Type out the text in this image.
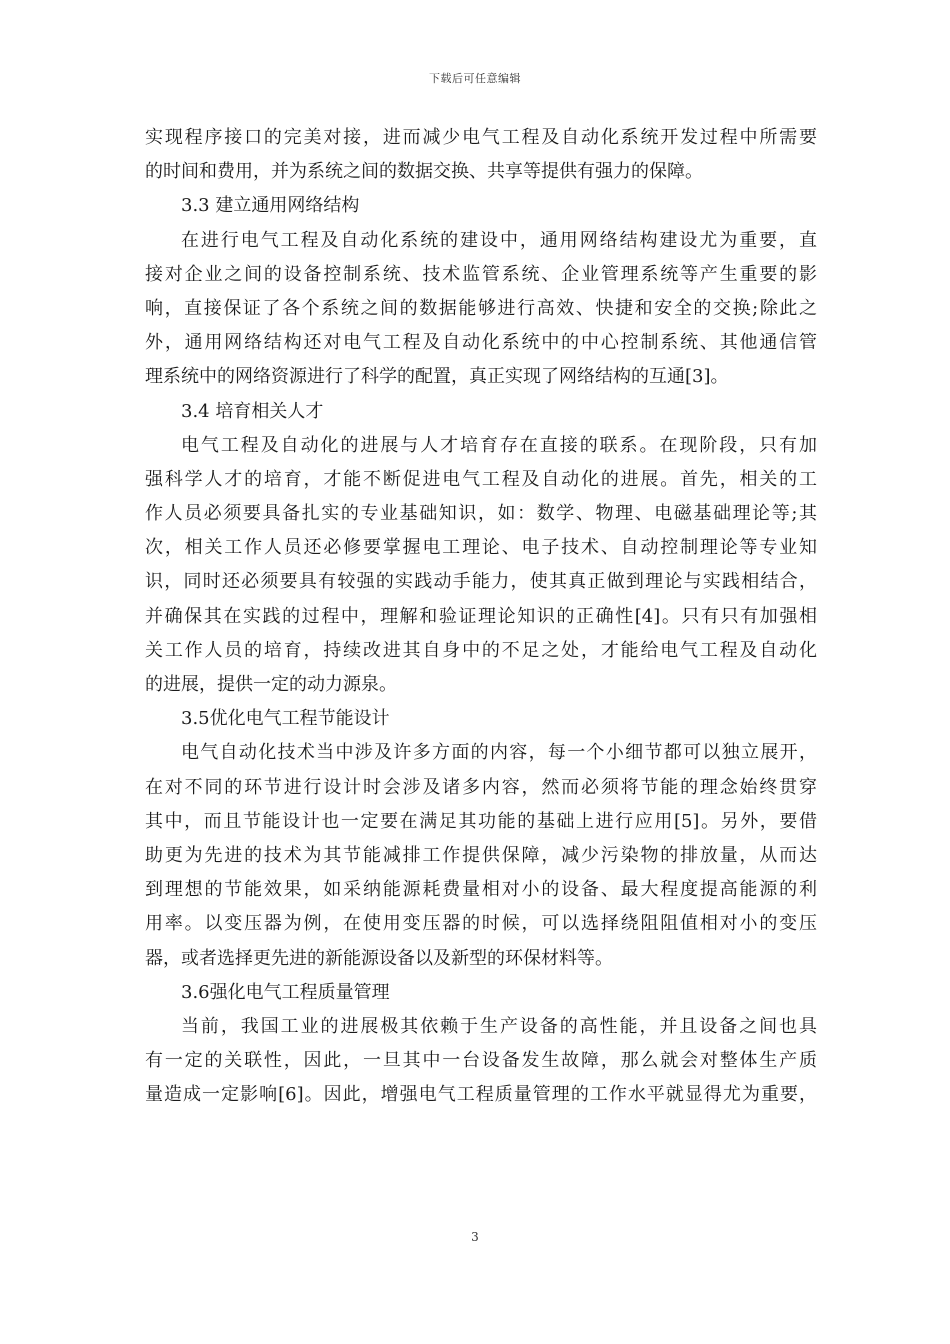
下载后可任意编辑
实现程序接口的完美对接，进而减少电气工程及自动化系统开发过程中所需要
的时间和费用，并为系统之间的数据交换、共享等提供有强力的保障。
3.3 建立通用网络结构
在进行电气工程及自动化系统的建设中，通用网络结构建设尤为重要，直
接对企业之间的设备控制系统、技术监管系统、企业管理系统等产生重要的影
响，直接保证了各个系统之间的数据能够进行高效、快捷和安全的交换;除此之
外，通用网络结构还对电气工程及自动化系统中的中心控制系统、其他通信管
理系统中的网络资源进行了科学的配置，真正实现了网络结构的互通[3]。
3.4 培育相关人才
电气工程及自动化的进展与人才培育存在直接的联系。在现阶段，只有加
强科学人才的培育，才能不断促进电气工程及自动化的进展。首先，相关的工
作人员必须要具备扎实的专业基础知识，如：数学、物理、电磁基础理论等;其
次，相关工作人员还必修要掌握电工理论、电子技术、自动控制理论等专业知
识，同时还必须要具有较强的实践动手能力，使其真正做到理论与实践相结合，
并确保其在实践的过程中，理解和验证理论知识的正确性[4]。只有只有加强相
关工作人员的培育，持续改进其自身中的不足之处，才能给电气工程及自动化
的进展，提供一定的动力源泉。
3.5优化电气工程节能设计
电气自动化技术当中涉及许多方面的内容，每一个小细节都可以独立展开，
在对不同的环节进行设计时会涉及诸多内容，然而必须将节能的理念始终贯穿
其中，而且节能设计也一定要在满足其功能的基础上进行应用[5]。另外，要借
助更为先进的技术为其节能减排工作提供保障，减少污染物的排放量，从而达
到理想的节能效果，如采纳能源耗费量相对小的设备、最大程度提高能源的利
用率。以变压器为例，在使用变压器的时候，可以选择绕阻阻值相对小的变压
器，或者选择更先进的新能源设备以及新型的环保材料等。
3.6强化电气工程质量管理
当前，我国工业的进展极其依赖于生产设备的高性能，并且设备之间也具
有一定的关联性，因此，一旦其中一台设备发生故障，那么就会对整体生产质
量造成一定影响[6]。因此，增强电气工程质量管理的工作水平就显得尤为重要，
3
